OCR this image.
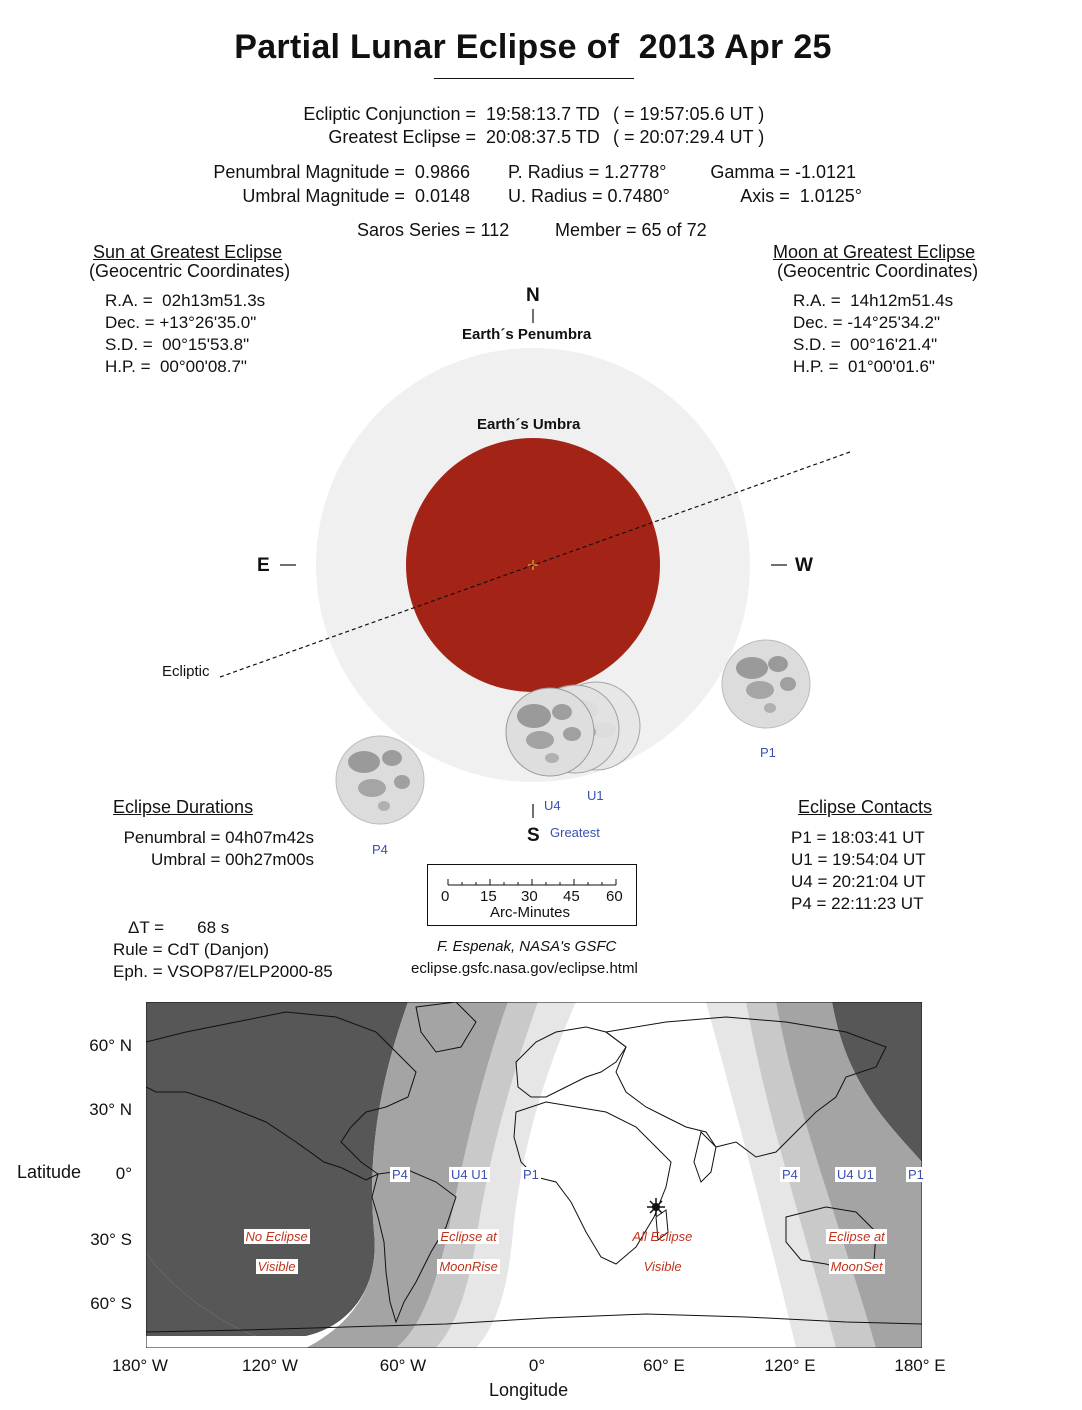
Partial Lunar Eclipse of  2013 Apr 25
Ecliptic Conjunction = 19:58:13.7 TD ( = 19:57:05.6 UT )
Greatest Eclipse = 20:08:37.5 TD ( = 20:07:29.4 UT )
Penumbral Magnitude =  0.9866
Umbral Magnitude =  0.0148
P. Radius = 1.2778°
U. Radius = 0.7480°
Gamma = -1.0121
Axis =  1.0125°
Saros Series = 112	Member = 65 of 72
Sun at Greatest Eclipse
(Geocentric Coordinates)
R.A. =  02h13m51.3s
Dec. = +13°26'35.0"
S.D. =  00°15'53.8"
H.P. =  00°00'08.7"
Moon at Greatest Eclipse
(Geocentric Coordinates)
R.A. =  14h12m51.4s
Dec. = -14°25'34.2"
S.D. =  00°16'21.4"
H.P. =  01°00'01.6"
N
Earth´s Penumbra
Earth´s Umbra
E	W
Ecliptic
P1
U1
U4
Greatest
P4
S
Eclipse Durations
Penumbral = 04h07m42s
Umbral = 00h27m00s
Eclipse Contacts
P1 = 18:03:41 UT
U1 = 19:54:04 UT
U4 = 20:21:04 UT
P4 = 22:11:23 UT

0

15

30

45

60

Arc-Minutes

ΔT =       68 s
Rule = CdT (Danjon)
Eph. = VSOP87/ELP2000-85
F. Espenak, NASA's GSFC
eclipse.gsfc.nasa.gov/eclipse.html
P4	U4 U1	P1	P4	U4 U1	P1

No Eclipse

Visible

Eclipse at

MoonRise

All Eclipse

Visible

Eclipse at

MoonSet

60° N
30° N
0°
30° S
60° S
Latitude
180° W	120° W	60° W	0°	60° E	120° E	180° E
Longitude
